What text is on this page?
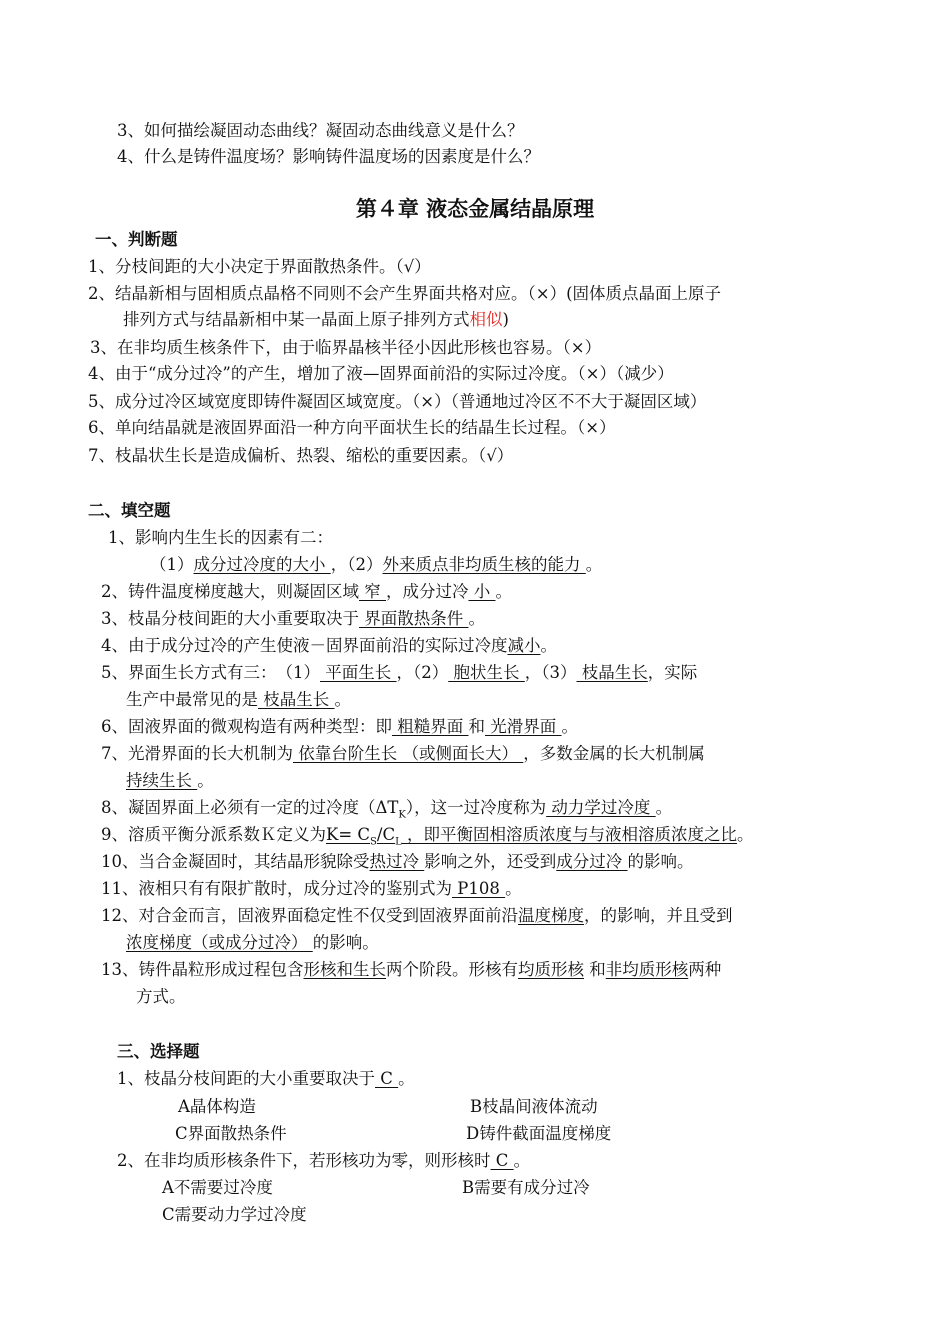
3、如何描绘凝固动态曲线？凝固动态曲线意义是什么？
4、什么是铸件温度场？影响铸件温度场的因素度是什么？
第４章 液态金属结晶原理
一、判断题
1、分枝间距的大小决定于界面散热条件。（√）
2、结晶新相与固相质点晶格不同则不会产生界面共格对应。（×）(固体质点晶面上原子
排列方式与结晶新相中某一晶面上原子排列方式相似)
3、在非均质生核条件下，由于临界晶核半径小因此形核也容易。（×）
4、由于“成分过冷”的产生，增加了液—固界面前沿的实际过冷度。（×）（减少）
5、成分过冷区域宽度即铸件凝固区域宽度。（×）（普通地过冷区不不大于凝固区域）
6、单向结晶就是液固界面沿一种方向平面状生长的结晶生长过程。（×）
7、枝晶状生长是造成偏析、热裂、缩松的重要因素。（√）
二、填空题
1、影响内生生长的因素有二：
（1）成分过冷度的大小 ，（2）外来质点非均质生核的能力 。
2、铸件温度梯度越大，则凝固区域 窄 ，成分过冷 小 。
3、枝晶分枝间距的大小重要取决于 界面散热条件 。
4、由于成分过冷的产生使液－固界面前沿的实际过冷度减小。
5、界面生长方式有三：　（1） 平面生长 ，（2） 胞状生长 ，（3） 枝晶生长，实际
生产中最常见的是 枝晶生长 。
6、固液界面的微观构造有两种类型：即 粗糙界面 和 光滑界面 。
7、光滑界面的长大机制为 依靠台阶生长 （或侧面长大） ，多数金属的长大机制属
持续生长 。
8、凝固界面上必须有一定的过冷度$(\Delta T_K)$，这一过冷度称为 动力学过冷度 。
9、溶质平衡分派系数Ｋ定义为$K= C_S/C_L$ ，即平衡固相溶质浓度与与液相溶质浓度之比。
10、当合金凝固时，其结晶形貌除受热过冷 影响之外，还受到成分过冷 的影响。
11、液相只有有限扩散时，成分过冷的鉴别式为 P108 。
12、对合金而言，固液界面稳定性不仅受到固液界面前沿温度梯度，的影响，并且受到
浓度梯度（或成分过冷） 的影响。
13、铸件晶粒形成过程包含形核和生长两个阶段。形核有均质形核 和非均质形核两种
方式。
三、选择题
1、枝晶分枝间距的大小重要取决于 C 。
A晶体构造	B枝晶间液体流动
C界面散热条件	D铸件截面温度梯度
2、在非均质形核条件下，若形核功为零，则形核时 C 。
A不需要过冷度	B需要有成分过冷
C需要动力学过冷度
